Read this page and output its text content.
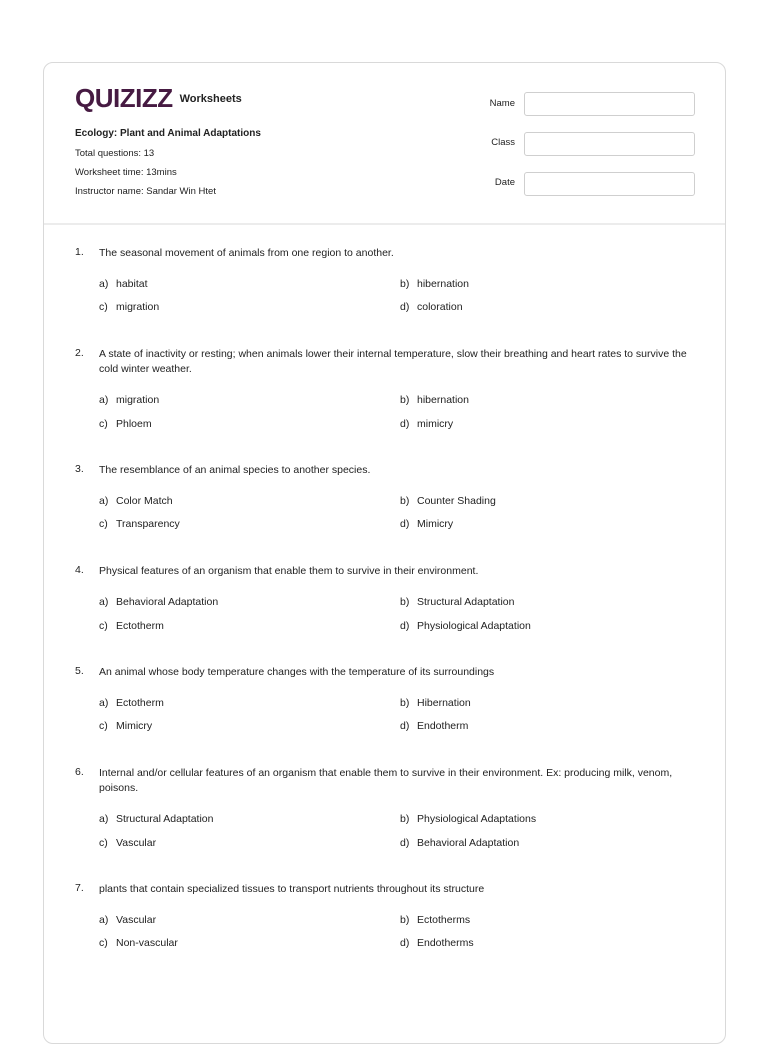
QUIZIZZ Worksheets
Ecology: Plant and Animal Adaptations
Total questions: 13
Worksheet time: 13mins
Instructor name: Sandar Win Htet
Name
Class
Date
1. The seasonal movement of animals from one region to another.
a) habitat	b) hibernation
c) migration	d) coloration
2. A state of inactivity or resting; when animals lower their internal temperature, slow their breathing and heart rates to survive the cold winter weather.
a) migration	b) hibernation
c) Phloem	d) mimicry
3. The resemblance of an animal species to another species.
a) Color Match	b) Counter Shading
c) Transparency	d) Mimicry
4. Physical features of an organism that enable them to survive in their environment.
a) Behavioral Adaptation	b) Structural Adaptation
c) Ectotherm	d) Physiological Adaptation
5. An animal whose body temperature changes with the temperature of its surroundings
a) Ectotherm	b) Hibernation
c) Mimicry	d) Endotherm
6. Internal and/or cellular features of an organism that enable them to survive in their environment. Ex: producing milk, venom, poisons.
a) Structural Adaptation	b) Physiological Adaptations
c) Vascular	d) Behavioral Adaptation
7. plants that contain specialized tissues to transport nutrients throughout its structure
a) Vascular	b) Ectotherms
c) Non-vascular	d) Endotherms
